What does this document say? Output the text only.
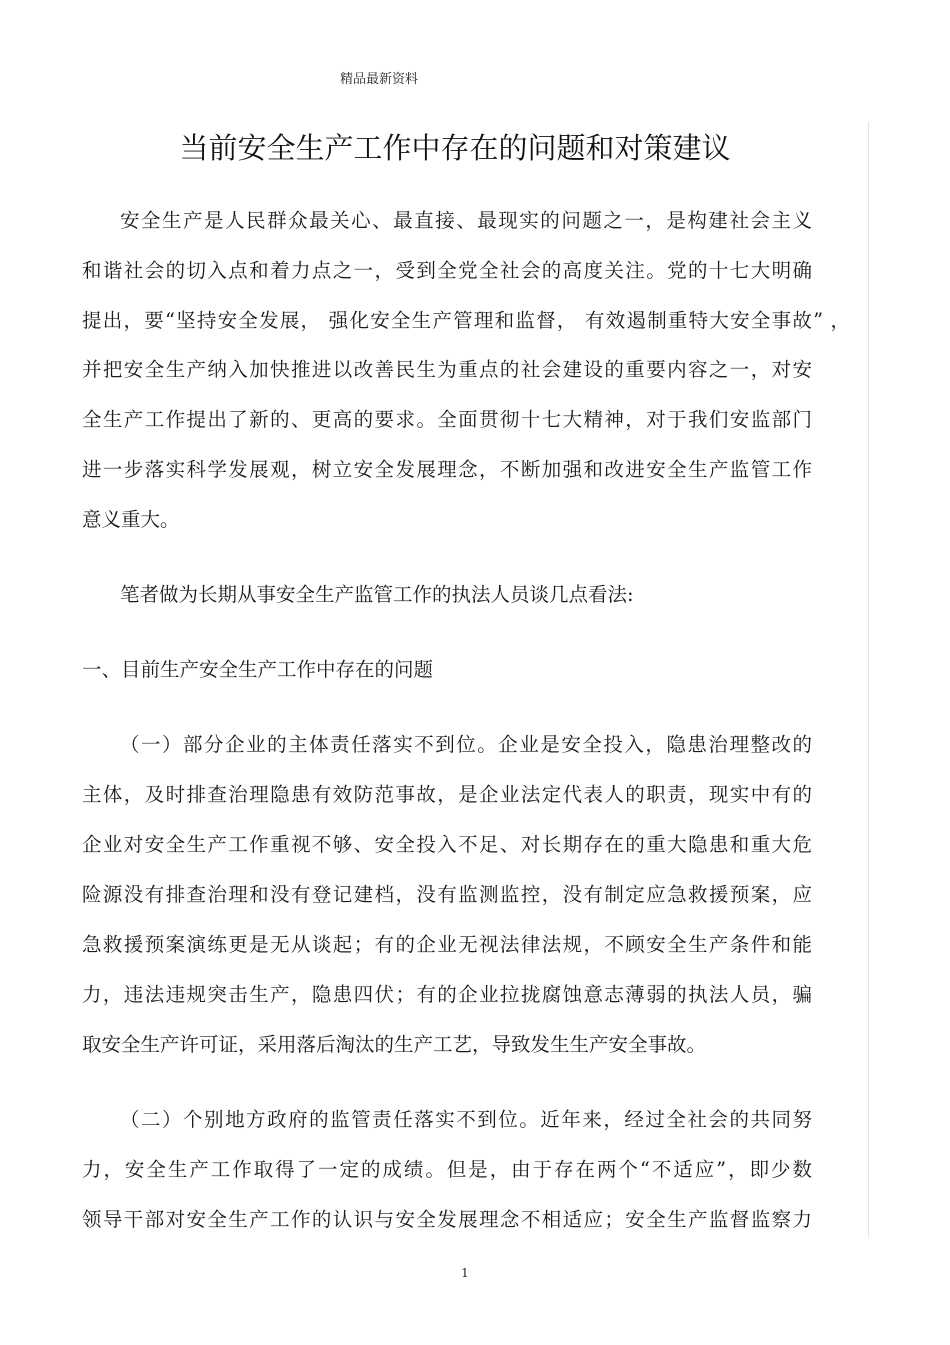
精品最新资料
当前安全生产工作中存在的问题和对策建议
安全生产是人民群众最关心、最直接、最现实的问题之一，是构建社会主义
和谐社会的切入点和着力点之一，受到全党全社会的高度关注。党的十七大明确
提出，要“坚持安全发展， 强化安全生产管理和监督， 有效遏制重特大安全事故” ，
并把安全生产纳入加快推进以改善民生为重点的社会建设的重要内容之一，对安
全生产工作提出了新的、更高的要求。全面贯彻十七大精神，对于我们安监部门
进一步落实科学发展观，树立安全发展理念，不断加强和改进安全生产监管工作
意义重大。
笔者做为长期从事安全生产监管工作的执法人员谈几点看法:
一、目前生产安全生产工作中存在的问题
（一）部分企业的主体责任落实不到位。企业是安全投入，隐患治理整改的
主体，及时排查治理隐患有效防范事故，是企业法定代表人的职责，现实中有的
企业对安全生产工作重视不够、安全投入不足、对长期存在的重大隐患和重大危
险源没有排查治理和没有登记建档，没有监测监控，没有制定应急救援预案，应
急救援预案演练更是无从谈起；有的企业无视法律法规，不顾安全生产条件和能
力，违法违规突击生产，隐患四伏；有的企业拉拢腐蚀意志薄弱的执法人员，骗
取安全生产许可证，采用落后淘汰的生产工艺，导致发生生产安全事故。
（二）个别地方政府的监管责任落实不到位。近年来，经过全社会的共同努
力，安全生产工作取得了一定的成绩。但是，由于存在两个“不适应”，即少数
领导干部对安全生产工作的认识与安全发展理念不相适应；安全生产监督监察力
1
